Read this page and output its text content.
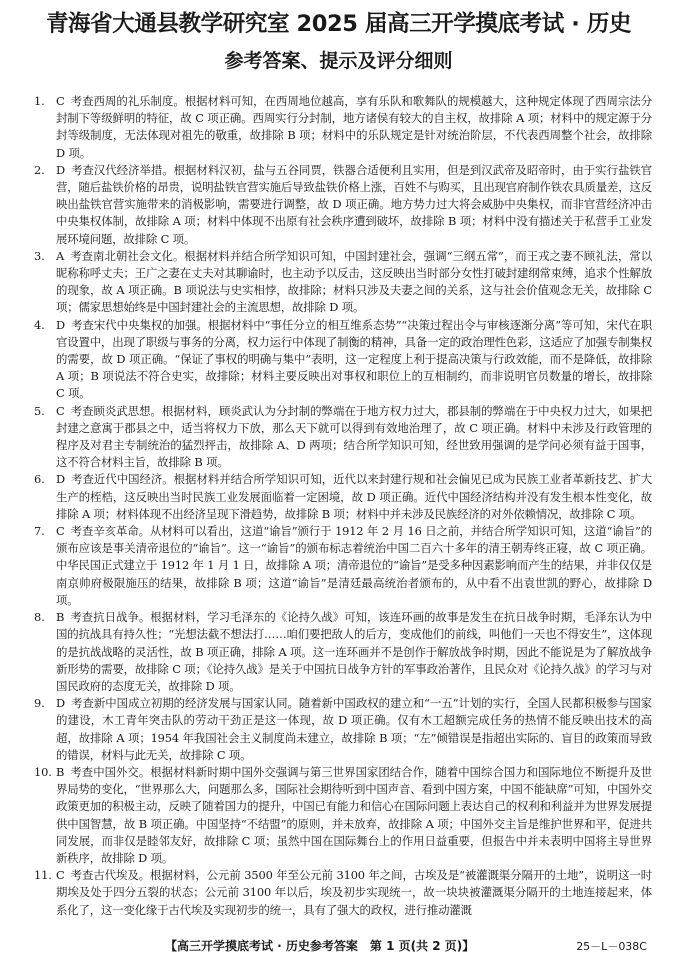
青海省大通县教学研究室 2025 届高三开学摸底考试 · 历史
参考答案、提示及评分细则

1. C 考查西周的礼乐制度。根据材料可知，在西周地位越高，享有乐队和歌舞队的规模越大，这种规定体现了西周宗法分封制下等级鲜明的特征，故 C 项正确。西周实行分封制，地方诸侯有较大的自主权，故排除 A 项；材料中的规定源于分封等级制度，无法体现对祖先的敬重，故排除 B 项；材料中的乐队规定是针对统治阶层，不代表西周整个社会，故排除 D 项。

2. D 考查汉代经济举措。根据材料汉初，盐与五谷同贾，铁器合适便利且实用，但是到汉武帝及昭帝时，由于实行盐铁官营，随后盐铁价格的昂贵，说明盐铁官营实施后导致盐铁价格上涨，百姓不与购买，且出现官府制作铁农具质量差，这反映出盐铁官营实施带来的消极影响，需要进行调整，故 D 项正确。地方势力过大将会威胁中央集权，而非官营经济冲击中央集权体制，故排除 A 项；材料中体现不出原有社会秩序遭到破坏，故排除 B 项；材料中没有描述关于私营手工业发展环境问题，故排除 C 项。

3. A 考查南北朝社会文化。根据材料并结合所学知识可知，中国封建社会，强调“三纲五常”，而王戎之妻不顾礼法，常以昵称称呼丈夫；王广之妻在丈夫对其聊谕时，也主动予以反击，这反映出当时部分女性打破封建纲常束缚，追求个性解放的现象，故 A 项正确。B 项说法与史实相悖，故排除；材料只涉及夫妻之间的关系，这与社会价值观念无关，故排除 C 项；儒家思想始终是中国封建社会的主流思想，故排除 D 项。

4. D 考查宋代中央集权的加强。根据材料中“事任分立的相互维系态势”“决策过程出令与审核逐渐分离”等可知，宋代在职官设置中，出现了职级与事务的分离，权力运行中体现了制衡的精神，具备一定的政治理性色彩，这适应了加强专制集权的需要，故 D 项正确。“保证了事权的明确与集中”表明，这一定程度上利于提高决策与行政效能，而不是降低，故排除 A 项；B 项说法不符合史实，故排除；材料主要反映出对事权和职位上的互相制约，而非说明官员数量的增长，故排除 C 项。

5. C 考查顾炎武思想。根据材料，顾炎武认为分封制的弊端在于地方权力过大，郡县制的弊端在于中央权力过大，如果把封建之意寓于郡县之中，适当将权力下放，那么天下就可以得到有效地治理了，故 C 项正确。材料中未涉及行政管理的程序及对君主专制统治的猛烈抨击，故排除 A、D 两项；结合所学知识可知，经世致用强调的是学问必须有益于国事，这不符合材料主旨，故排除 B 项。

6. D 考查近代中国经济。根据材料并结合所学知识可知，近代以来封建行规和社会偏见已成为民族工业者革新技艺、扩大生产的桎梏，这反映出当时民族工业发展面临着一定困境，故 D 项正确。近代中国经济结构并没有发生根本性变化，故排除 A 项；材料体现不出经济呈现下滑趋势，故排除 B 项；材料中并未涉及民族经济的对外依赖情况，故排除 C 项。

7. C 考查辛亥革命。从材料可以看出，这道“谕旨”颁行于 1912 年 2 月 16 日之前，并结合所学知识可知，这道“谕旨”的颁布应该是事关清帝退位的“谕旨”。这一“谕旨”的颁布标志着统治中国二百六十多年的清王朝寿终正寝，故 C 项正确。中华民国正式建立于 1912 年 1 月 1 日，故排除 A 项；清帝退位的“谕旨”是受多种因素影响而产生的结果，并非仅仅是南京帅府极限施压的结果，故排除 B 项；这道“谕旨”是清廷最高统治者颁布的，从中看不出袁世凯的野心，故排除 D 项。

8. B 考查抗日战争。根据材料，学习毛泽东的《论持久战》可知，该连环画的故事是发生在抗日战争时期，毛泽东认为中国的抗战具有持久性；“光想法截不想法打……咱们要把敌人的后方，变成他们的前线，叫他们一天也不得安生”，这体现的是抗战战略的灵活性，故 B 项正确，排除 A 项。这一连环画并不是创作于解放战争时期，因此不能说是为了解放战争新形势的需要，故排除 C 项；《论持久战》是关于中国抗日战争方针的军事政治著作，且民众对《论持久战》的学习与对国民政府的态度无关，故排除 D 项。

9. D 考查新中国成立初期的经济发展与国家认同。随着新中国政权的建立和“一五”计划的实行，全国人民都积极参与国家的建设，木工青年突击队的劳动干劲正是这一体现，故 D 项正确。仅有木工超额完成任务的热情不能反映出技术的高超，故排除 A 项；1954 年我国社会主义制度尚未建立，故排除 B 项；“左”倾错误是指超出实际的、盲目的政策而导致的错误，材料与此无关，故排除 C 项。

10. B 考查中国外交。根据材料新时期中国外交强调与第三世界国家团结合作，随着中国综合国力和国际地位不断提升及世界局势的变化，“世界那么大，问题那么多，国际社会期待听到中国声音、看到中国方案，中国不能缺席”可知，中国外交政策更加的积极主动，反映了随着国力的提升，中国已有能力和信心在国际问题上表达自己的权利和利益并为世界发展提供中国智慧，故 B 项正确。中国坚持“不结盟”的原则，并未放弃，故排除 A 项；中国外交主旨是维护世界和平，促进共同发展，而非仅是睦邻友好，故排除 C 项；虽然中国在国际舞台上的作用日益重要，但报告中并未表明中国将主导世界新秩序，故排除 D 项。

11. C 考查古代埃及。根据材料，公元前 3500 年至公元前 3100 年之间，古埃及是“被灌溉渠分隔开的土地”，说明这一时期埃及处于四分五裂的状态；公元前 3100 年以后，埃及初步实现统一，故一块块被灌溉渠分隔开的土地连接起来，体系化了，这一变化缘于古代埃及实现初步的统一，具有了强大的政权，进行推动灌溉

【高三开学摸底考试 · 历史参考答案　第 1 页(共 2 页)】	25－L－038C
